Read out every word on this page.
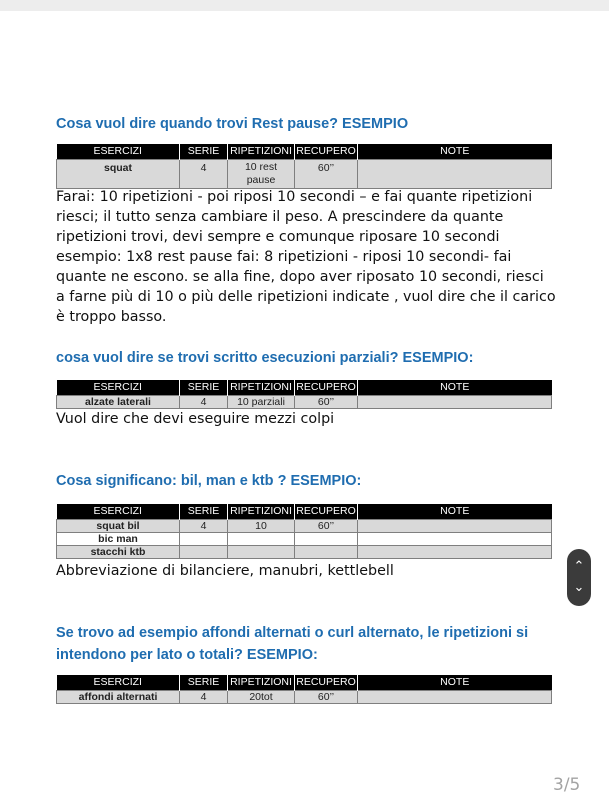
Cosa vuol dire quando trovi Rest pause? ESEMPIO
ESERCIZI	SERIE	RIPETIZIONI	RECUPERO	NOTE
squat	4	10 rest pause	60’’	

Farai: 10 ripetizioni - poi riposi 10 secondi – e fai quante ripetizioni riesci; il tutto senza cambiare il peso. A prescindere da quante ripetizioni trovi, devi sempre e comunque riposare 10 secondi esempio: 1x8 rest pause fai: 8 ripetizioni - riposi 10 secondi- fai quante ne escono. se alla fine, dopo aver riposato 10 secondi, riesci a farne più di 10 o più delle ripetizioni indicate , vuol dire che il carico è troppo basso.

cosa vuol dire se trovi scritto esecuzioni parziali? ESEMPIO:
ESERCIZI	SERIE	RIPETIZIONI	RECUPERO	NOTE
alzate laterali	4	10 parziali	60’’	

Vuol dire che devi eseguire mezzi colpi

Cosa significano: bil, man e ktb ? ESEMPIO:
ESERCIZI	SERIE	RIPETIZIONI	RECUPERO	NOTE
squat bil	4	10	60’’	
bic man				
stacchi ktb				

Abbreviazione di bilanciere, manubri, kettlebell

Se trovo ad esempio affondi alternati o curl alternato, le ripetizioni si intendono per lato o totali? ESEMPIO:
ESERCIZI	SERIE	RIPETIZIONI	RECUPERO	NOTE
affondi alternati	4	20tot	60’’	
⌃
⌄
3/5
